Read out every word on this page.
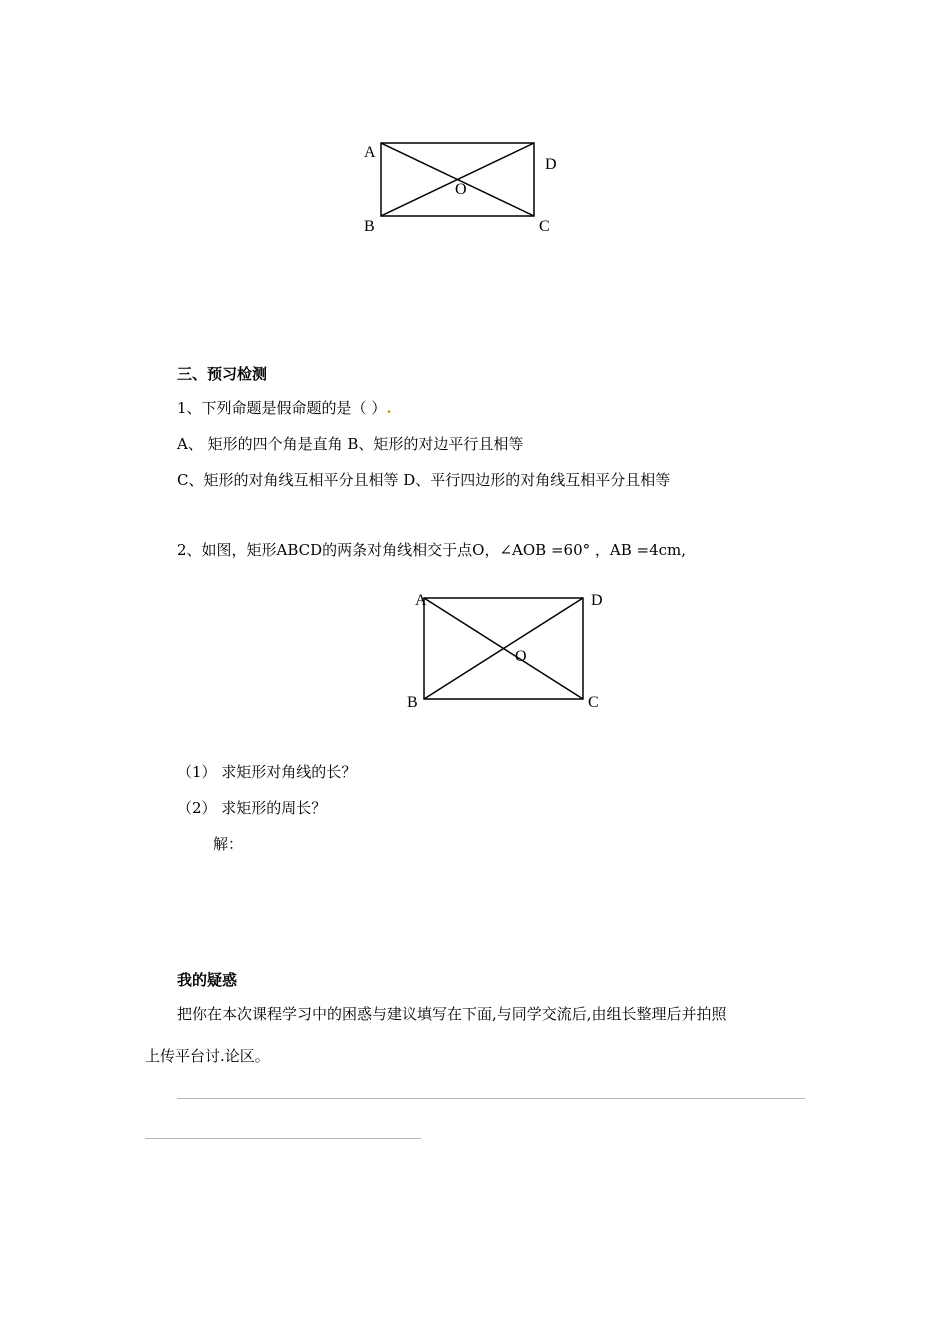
A
D
O
B	C
三、预习检测
1、下列命题是假命题的是（ ）.
A、 矩形的四个角是直角 B、矩形的对边平行且相等
C、矩形的对角线互相平分且相等 D、平行四边形的对角线互相平分且相等
2、如图，矩形ABCD的两条对角线相交于点O，∠AOB =60° ，AB =4cm,
A	D
O
B	C
（1） 求矩形对角线的长？
（2） 求矩形的周长？
解：
我的疑惑
把你在本次课程学习中的困惑与建议填写在下面,与同学交流后,由组长整理后并拍照
上传平台讨.论区。
